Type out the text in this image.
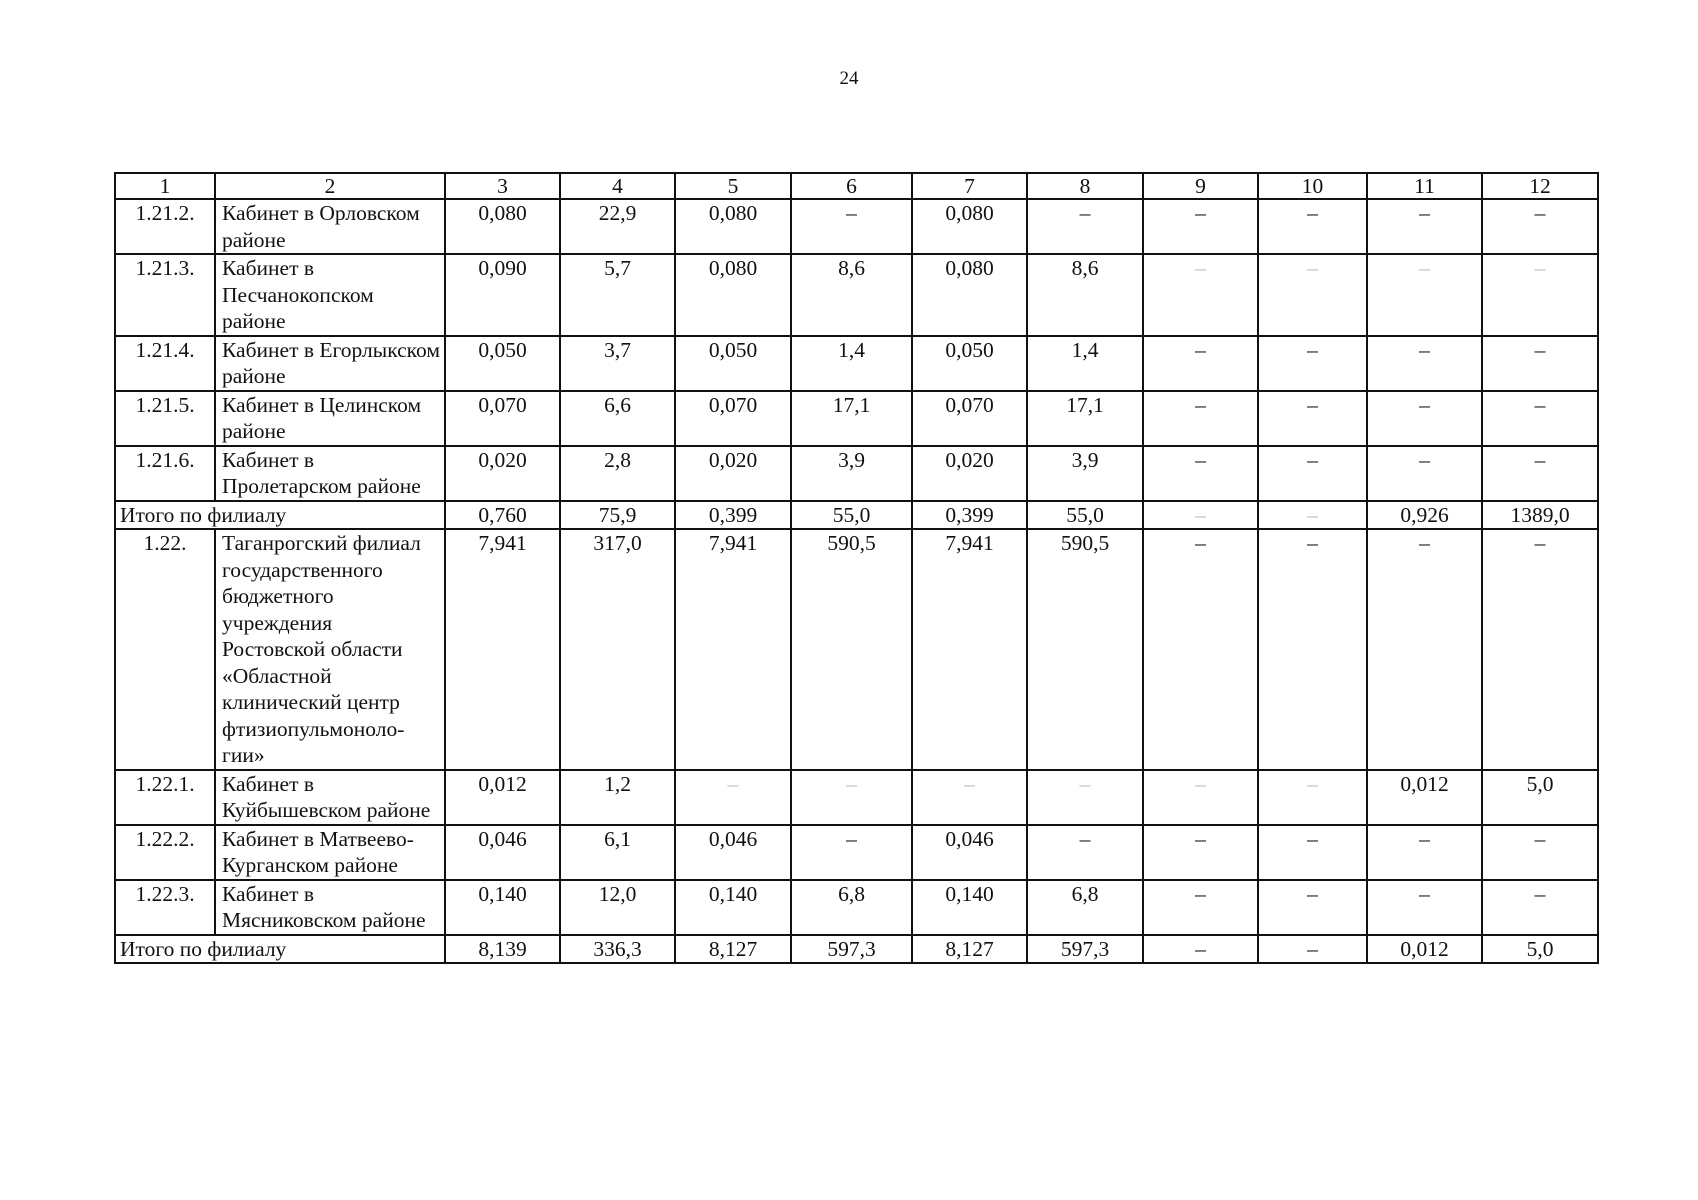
24
1	2	3	4	5	6	7	8	9	10	11	12
1.21.2.	Кабинет в Орловском районе	0,080	22,9	0,080	–	0,080	–	–	–	–	–
1.21.3.	Кабинет в Песчанокопском районе	0,090	5,7	0,080	8,6	0,080	8,6	–	–	–	–
1.21.4.	Кабинет в Егорлыкском районе	0,050	3,7	0,050	1,4	0,050	1,4	–	–	–	–
1.21.5.	Кабинет в Целинском районе	0,070	6,6	0,070	17,1	0,070	17,1	–	–	–	–
1.21.6.	Кабинет в Пролетарском районе	0,020	2,8	0,020	3,9	0,020	3,9	–	–	–	–
Итого по филиалу		0,760	75,9	0,399	55,0	0,399	55,0	–	–	0,926	1389,0
1.22.	Таганрогский филиал государственного бюджетного учреждения Ростовской области «Областной клинический центр фтизиопульмоноло-гии»	7,941	317,0	7,941	590,5	7,941	590,5	–	–	–	–
1.22.1.	Кабинет в Куйбышевском районе	0,012	1,2	–	–	–	–	–	–	0,012	5,0
1.22.2.	Кабинет в Матвеево-Курганском районе	0,046	6,1	0,046	–	0,046	–	–	–	–	–
1.22.3.	Кабинет в Мясниковском районе	0,140	12,0	0,140	6,8	0,140	6,8	–	–	–	–
Итого по филиалу		8,139	336,3	8,127	597,3	8,127	597,3	–	–	0,012	5,0
